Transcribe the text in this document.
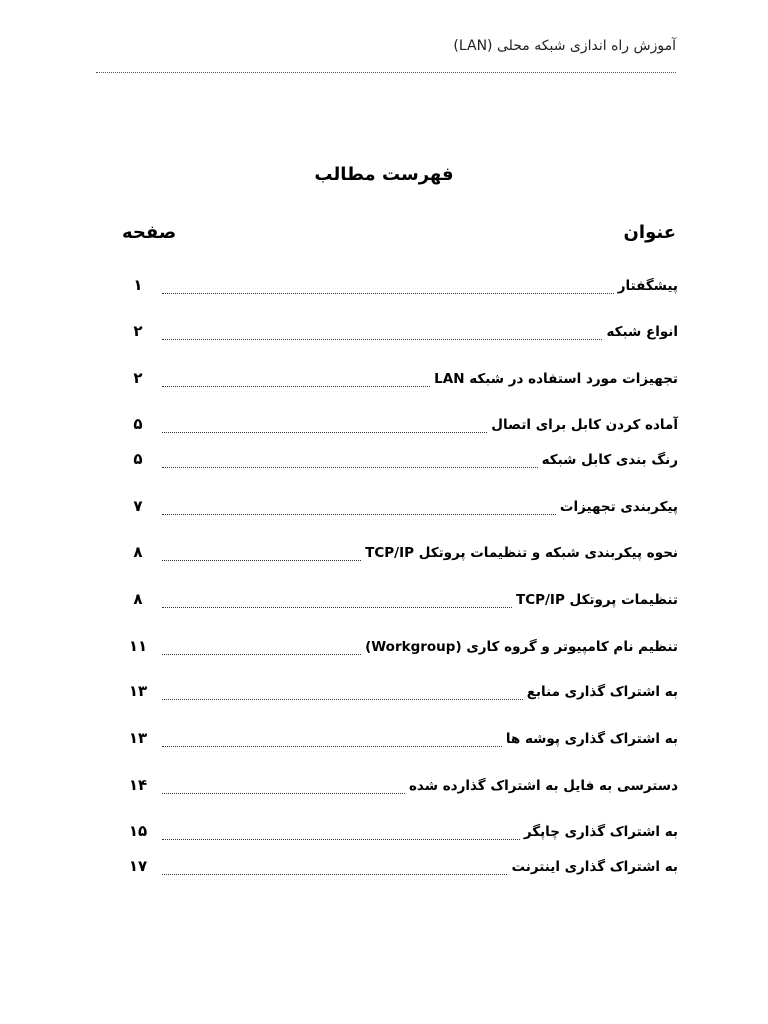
آموزش راه اندازی شبکه محلی (LAN)
فهرست مطالب
عنوان
صفحه
پیشگفتار
۱
انواع شبکه
۲
تجهیزات مورد استفاده در شبکه LAN
۲
آماده کردن کابل برای اتصال
۵
رنگ بندی کابل شبکه
۵
پیکربندی تجهیزات
۷
نحوه پیکربندی شبکه و تنظیمات پروتکل TCP/IP
۸
تنظیمات پروتکل TCP/IP
۸
تنظیم نام کامپیوتر و گروه کاری (Workgroup)
۱۱
به اشتراک گذاری منابع
۱۳
به اشتراک گذاری پوشه ها
۱۳
دسترسی به فایل به اشتراک گذارده شده
۱۴
به اشتراک گذاری چاپگر
۱۵
به اشتراک گذاری اینترنت
۱۷
